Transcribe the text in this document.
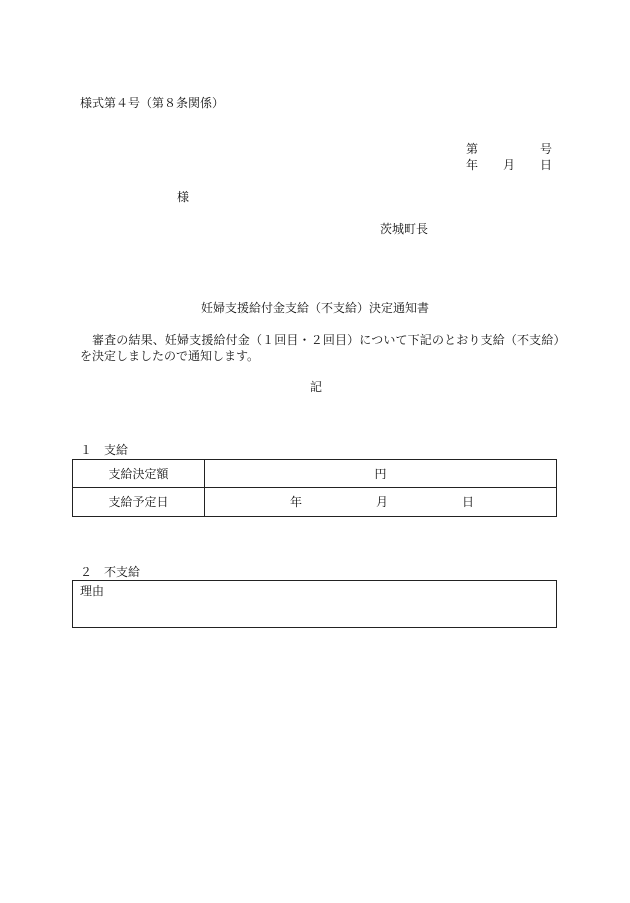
様式第４号（第８条関係）
第	号
年 月 日
様
茨城町長
妊婦支援給付金支給（不支給）決定通知書
審査の結果、妊婦支援給付金（１回目・２回目）について下記のとおり支給（不支給）
を決定しましたので通知します。
記
１　支給
支給決定額	円
支給予定日	年 月 日
２　不支給
理由
